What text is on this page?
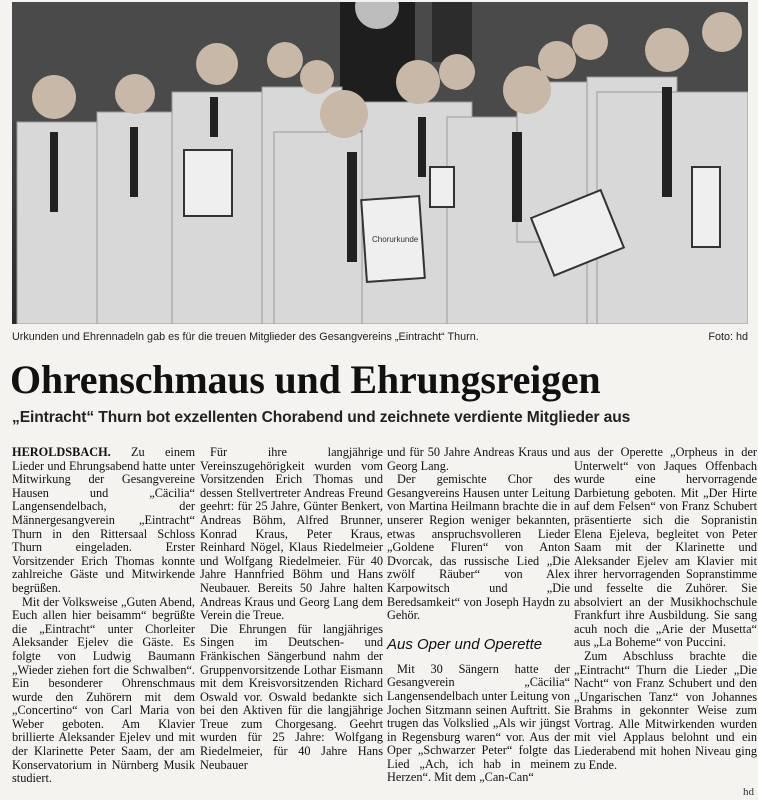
Chorurkunde
Urkunden und Ehrennadeln gab es für die treuen Mitglieder des Gesangvereins „Eintracht“ Thurn.	Foto: hd
Ohrenschmaus und Ehrungsreigen
„Eintracht“ Thurn bot exzellenten Chorabend und zeichnete verdiente Mitglieder aus

HEROLDSBACH. Zu einem Lieder und Ehrungsabend hatte unter Mitwirkung der Gesangvereine Hausen und „Cäcilia“ Langensendelbach, der Männergesangverein „Eintracht“ Thurn in den Rittersaal Schloss Thurn eingeladen. Erster Vorsitzender Erich Thomas konnte zahlreiche Gäste und Mitwirkende begrüßen.

Mit der Volksweise „Guten Abend, Euch allen hier beisamm“ begrüßte die „Eintracht“ unter Chorleiter Aleksander Ejelev die Gäste. Es folgte von Ludwig Baumann „Wieder ziehen fort die Schwalben“. Ein besonderer Ohrenschmaus wurde den Zuhörern mit dem „Concertino“ von Carl Maria von Weber geboten. Am Klavier brillierte Aleksander Ejelev und mit der Klarinette Peter Saam, der am Konservatorium in Nürnberg Musik studiert.

Für ihre langjährige Vereinszugehörigkeit wurden vom Vorsitzenden Erich Thomas und dessen Stellvertreter Andreas Freund geehrt: für 25 Jahre, Günter Benkert, Andreas Böhm, Alfred Brunner, Konrad Kraus, Peter Kraus, Reinhard Nögel, Klaus Riedelmeier und Wolfgang Riedelmeier. Für 40 Jahre Hannfried Böhm und Hans Neubauer. Bereits 50 Jahre halten Andreas Kraus und Georg Lang dem Verein die Treue.

Die Ehrungen für langjähriges Singen im Deutschen- und Fränkischen Sängerbund nahm der Gruppenvorsitzende Lothar Eismann mit dem Kreisvorsitzenden Richard Oswald vor. Oswald bedankte sich bei den Aktiven für die langjährige Treue zum Chorgesang. Geehrt wurden für 25 Jahre: Wolfgang Riedelmeier, für 40 Jahre Hans Neubauer

und für 50 Jahre Andreas Kraus und Georg Lang.

Der gemischte Chor des Gesangvereins Hausen unter Leitung von Martina Heilmann brachte die in unserer Region weniger bekannten, etwas anspruchsvolleren Lieder „Goldene Fluren“ von Anton Dvorcak, das russische Lied „Die zwölf Räuber“ von Alex Karpowitsch und „Die Beredsamkeit“ von Joseph Haydn zu Gehör.

Aus Oper und Operette

Mit 30 Sängern hatte der Gesangverein „Cäcilia“ Langensendelbach unter Leitung von Jochen Sitzmann seinen Auftritt. Sie trugen das Volkslied „Als wir jüngst in Regensburg waren“ vor. Aus der Oper „Schwarzer Peter“ folgte das Lied „Ach, ich hab in meinem Herzen“. Mit dem „Can-Can“

aus der Operette „Orpheus in der Unterwelt“ von Jaques Offenbach wurde eine hervorragende Darbietung geboten. Mit „Der Hirte auf dem Felsen“ von Franz Schubert präsentierte sich die Sopranistin Elena Ejeleva, begleitet von Peter Saam mit der Klarinette und Aleksander Ejelev am Klavier mit ihrer hervorragenden Sopranstimme und fesselte die Zuhörer. Sie absolviert an der Musikhochschule Frankfurt ihre Ausbildung. Sie sang acuh noch die „Arie der Musetta“ aus „La Boheme“ von Puccini.

Zum Abschluss brachte die „Eintracht“ Thurn die Lieder „Die Nacht“ von Franz Schubert und den „Ungarischen Tanz“ von Johannes Brahms in gekonnter Weise zum Vortrag. Alle Mitwirkenden wurden mit viel Applaus belohnt und ein Liederabend mit hohen Niveau ging zu Ende.

hd
